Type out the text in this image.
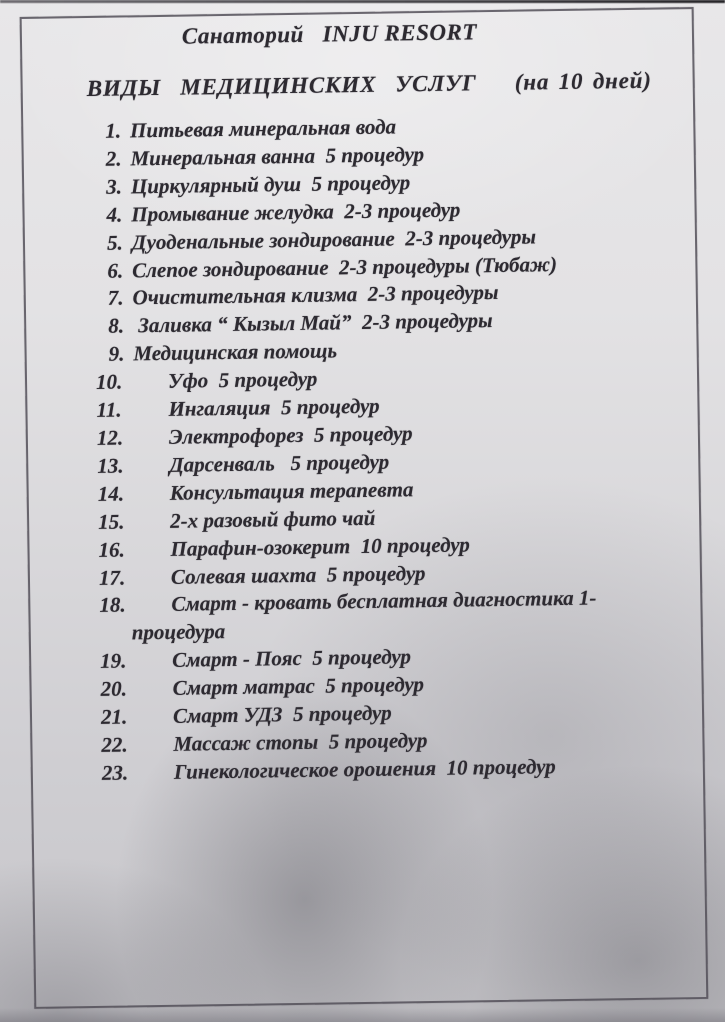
Санаторий   INJU RESORT
ВИДЫ  МЕДИЦИНСКИХ  УСЛУГ    (на 10 дней)
1. Питьевая минеральная вода
2. Минеральная ванна  5 процедур
3. Циркулярный душ  5 процедур
4. Промывание желудка  2-3 процедур
5. Дуоденальные зондирование  2-3 процедуры
6. Слепое зондирование  2-3 процедуры (Тюбаж)
7. Очистительная клизма  2-3 процедуры
8. Заливка “ Кызыл Май”  2-3 процедуры
9. Медицинская помощь
10. Уфо  5 процедур
11. Ингаляция  5 процедур
12. Электрофорез  5 процедур
13. Дарсенваль   5 процедур
14. Консультация терапевта
15. 2-х разовый фито чай
16. Парафин-озокерит  10 процедур
17. Солевая шахта  5 процедур
18. Смарт - кровать бесплатная диагностика 1-
процедура
19. Смарт - Пояс  5 процедур
20. Смарт матрас  5 процедур
21. Смарт УДЗ  5 процедур
22. Массаж стопы  5 процедур
23. Гинекологическое орошения  10 процедур
